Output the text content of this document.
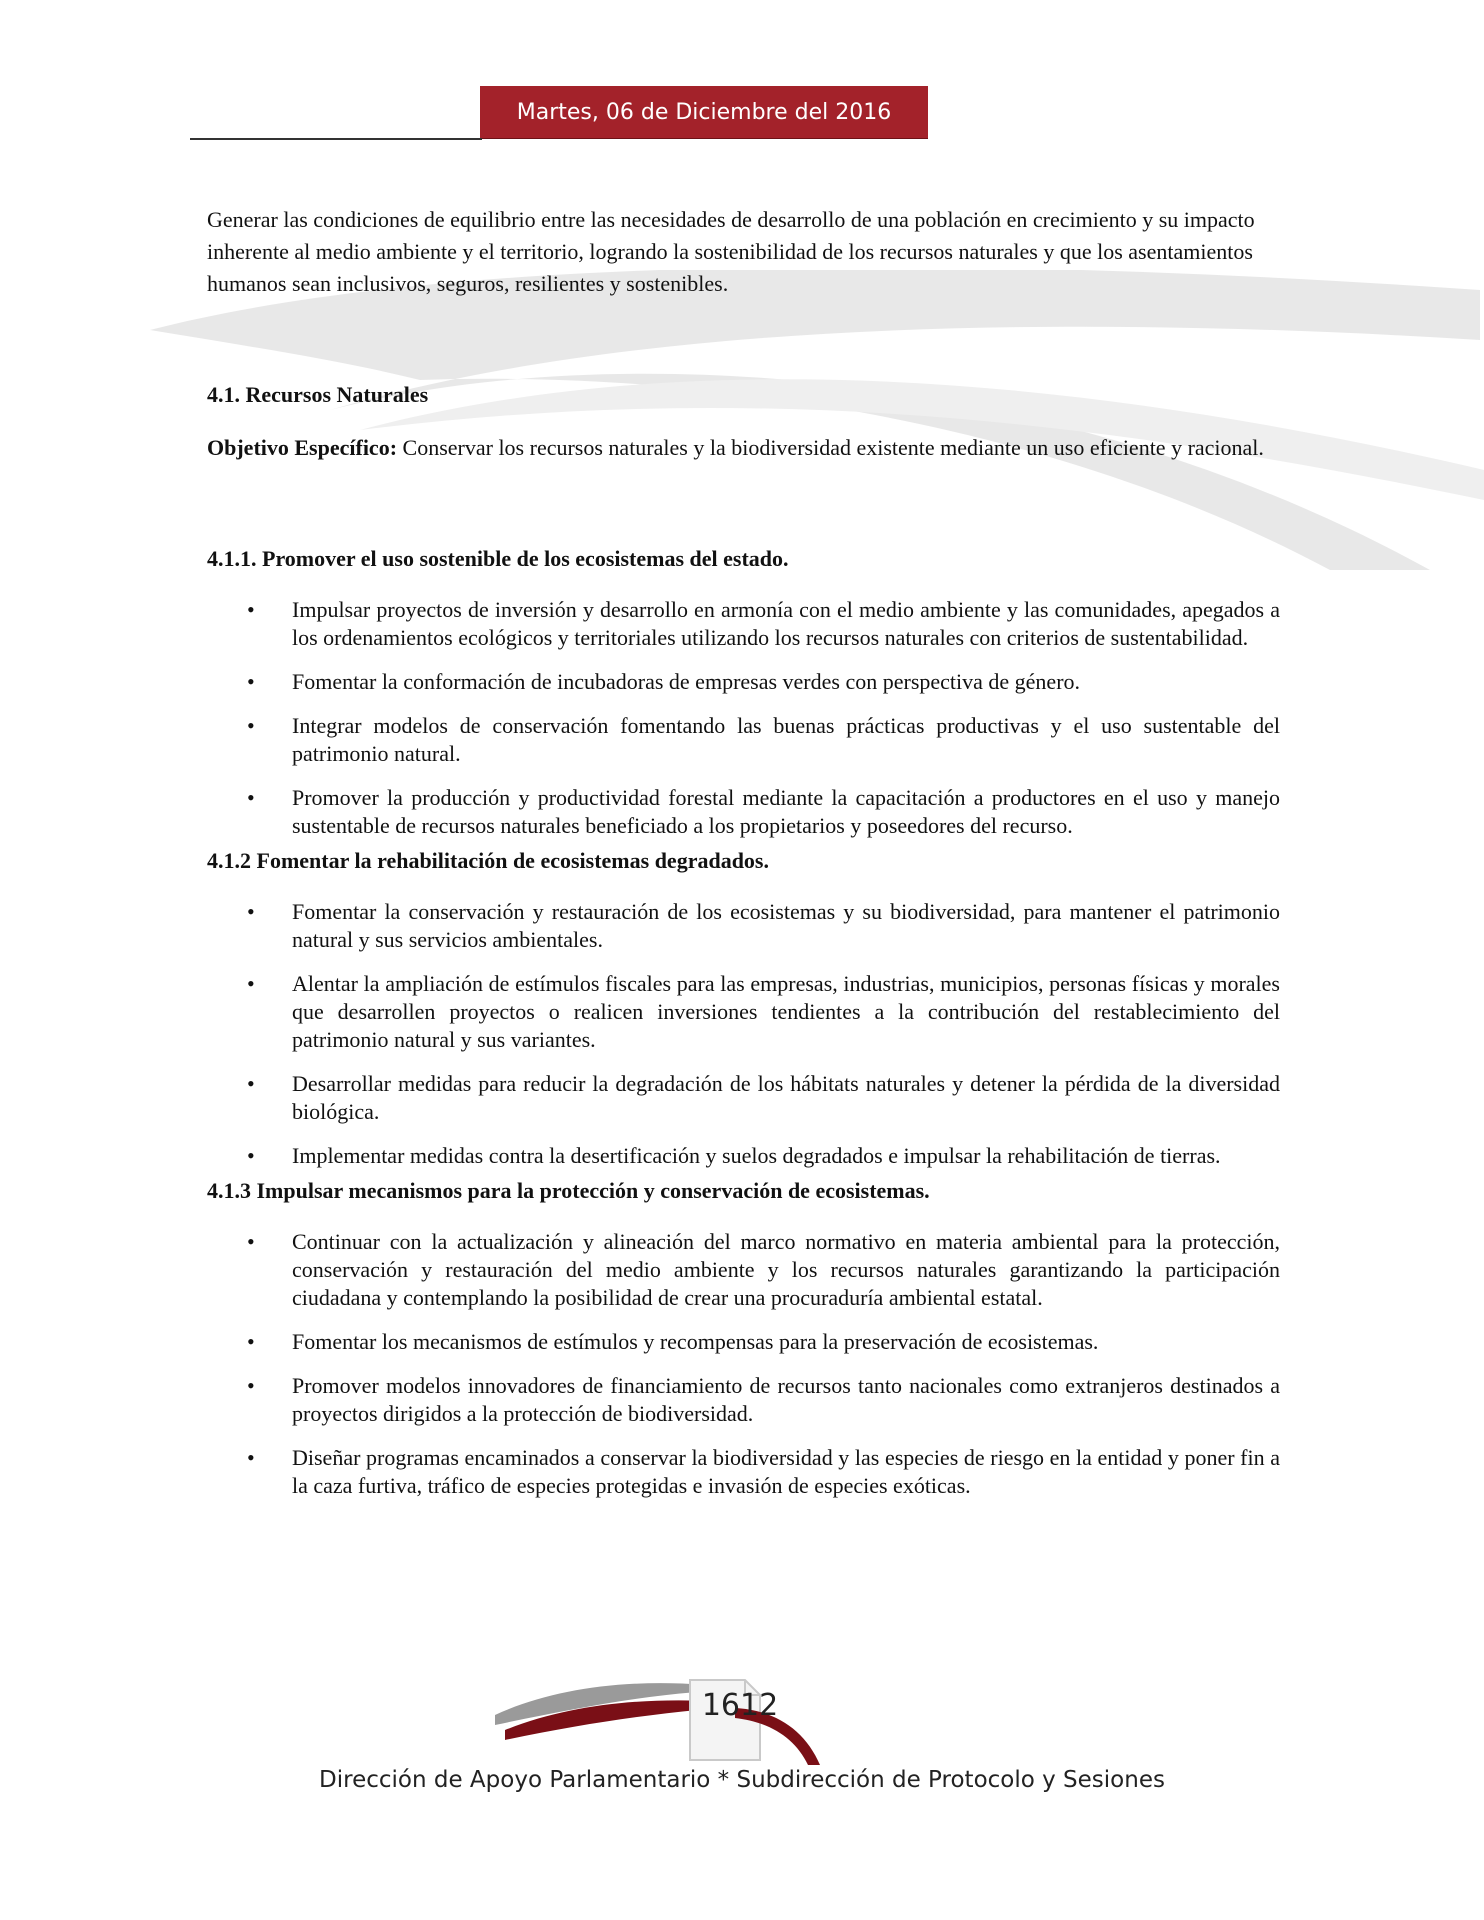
Martes, 06 de Diciembre del 2016

Generar las condiciones de equilibrio entre las necesidades de desarrollo de una población en crecimiento y su impacto inherente al medio ambiente y el territorio, logrando la sostenibilidad de los recursos naturales y que los asentamientos humanos sean inclusivos, seguros, resilientes y sostenibles.

4.1. Recursos Naturales

Objetivo Específico: Conservar los recursos naturales y la biodiversidad existente mediante un uso eficiente y racional.

4.1.1. Promover el uso sostenible de los ecosistemas del estado.
• Impulsar proyectos de inversión y desarrollo en armonía con el medio ambiente y las comunidades, apegados a los ordenamientos ecológicos y territoriales utilizando los recursos naturales con criterios de sustentabilidad.
• Fomentar la conformación de incubadoras de empresas verdes con perspectiva de género.
• Integrar modelos de conservación fomentando las buenas prácticas productivas y el uso sustentable del patrimonio natural.
• Promover la producción y productividad forestal mediante la capacitación a productores en el uso y manejo sustentable de recursos naturales beneficiado a los propietarios y poseedores del recurso.
4.1.2 Fomentar la rehabilitación de ecosistemas degradados.
• Fomentar la conservación y restauración de los ecosistemas y su biodiversidad, para mantener el patrimonio natural y sus servicios ambientales.
• Alentar la ampliación de estímulos fiscales para las empresas, industrias, municipios, personas físicas y morales que desarrollen proyectos o realicen inversiones tendientes a la contribución del restablecimiento del patrimonio natural y sus variantes.
• Desarrollar medidas para reducir la degradación de los hábitats naturales y detener la pérdida de la diversidad biológica.
• Implementar medidas contra la desertificación y suelos degradados e impulsar la rehabilitación de tierras.
4.1.3 Impulsar mecanismos para la protección y conservación de ecosistemas.
• Continuar con la actualización y alineación del marco normativo en materia ambiental para la protección, conservación y restauración del medio ambiente y los recursos naturales garantizando la participación ciudadana y contemplando la posibilidad de crear una procuraduría ambiental estatal.
• Fomentar los mecanismos de estímulos y recompensas para la preservación de ecosistemas.
• Promover modelos innovadores de financiamiento de recursos tanto nacionales como extranjeros destinados a proyectos dirigidos a la protección de biodiversidad.
• Diseñar programas encaminados a conservar la biodiversidad y las especies de riesgo en la entidad y poner fin a la caza furtiva, tráfico de especies protegidas e invasión de especies exóticas.
1612
Dirección de Apoyo Parlamentario * Subdirección de Protocolo y Sesiones
